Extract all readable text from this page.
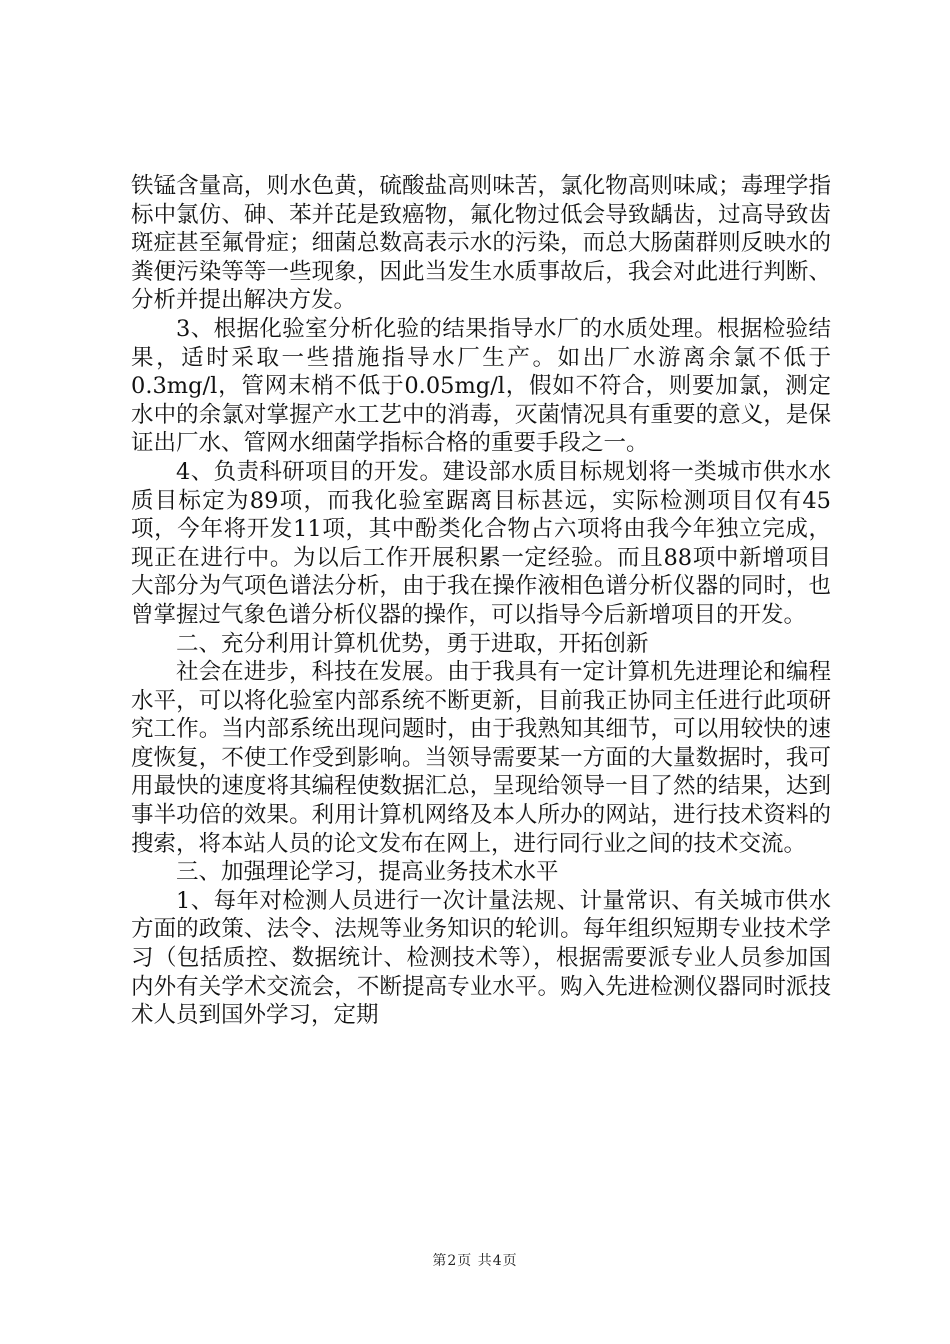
铁锰含量高，则水色黄，硫酸盐高则味苦，氯化物高则味咸；毒理学指标中氯仿、砷、苯并芘是致癌物，氟化物过低会导致龋齿，过高导致齿斑症甚至氟骨症；细菌总数高表示水的污染，而总大肠菌群则反映水的粪便污染等等一些现象，因此当发生水质事故后，我会对此进行判断、分析并提出解决方发。

3、根据化验室分析化验的结果指导水厂的水质处理。根据检验结果，适时采取一些措施指导水厂生产。如出厂水游离余氯不低于0.3mg/l，管网末梢不低于0.05mg/l，假如不符合，则要加氯，测定水中的余氯对掌握产水工艺中的消毒，灭菌情况具有重要的意义，是保证出厂水、管网水细菌学指标合格的重要手段之一。

4、负责科研项目的开发。建设部水质目标规划将一类城市供水水质目标定为89项，而我化验室踞离目标甚远，实际检测项目仅有45项，今年将开发11项，其中酚类化合物占六项将由我今年独立完成，现正在进行中。为以后工作开展积累一定经验。而且88项中新增项目大部分为气项色谱法分析，由于我在操作液相色谱分析仪器的同时，也曾掌握过气象色谱分析仪器的操作，可以指导今后新增项目的开发。

二、充分利用计算机优势，勇于进取，开拓创新

社会在进步，科技在发展。由于我具有一定计算机先进理论和编程水平，可以将化验室内部系统不断更新，目前我正协同主任进行此项研究工作。当内部系统出现问题时，由于我熟知其细节，可以用较快的速度恢复，不使工作受到影响。当领导需要某一方面的大量数据时，我可用最快的速度将其编程使数据汇总，呈现给领导一目了然的结果，达到事半功倍的效果。利用计算机网络及本人所办的网站，进行技术资料的搜索，将本站人员的论文发布在网上，进行同行业之间的技术交流。

三、加强理论学习，提高业务技术水平

1、每年对检测人员进行一次计量法规、计量常识、有关城市供水方面的政策、法令、法规等业务知识的轮训。每年组织短期专业技术学习（包括质控、数据统计、检测技术等），根据需要派专业人员参加国内外有关学术交流会，不断提高专业水平。购入先进检测仪器同时派技术人员到国外学习，定期

第2页 共4页
